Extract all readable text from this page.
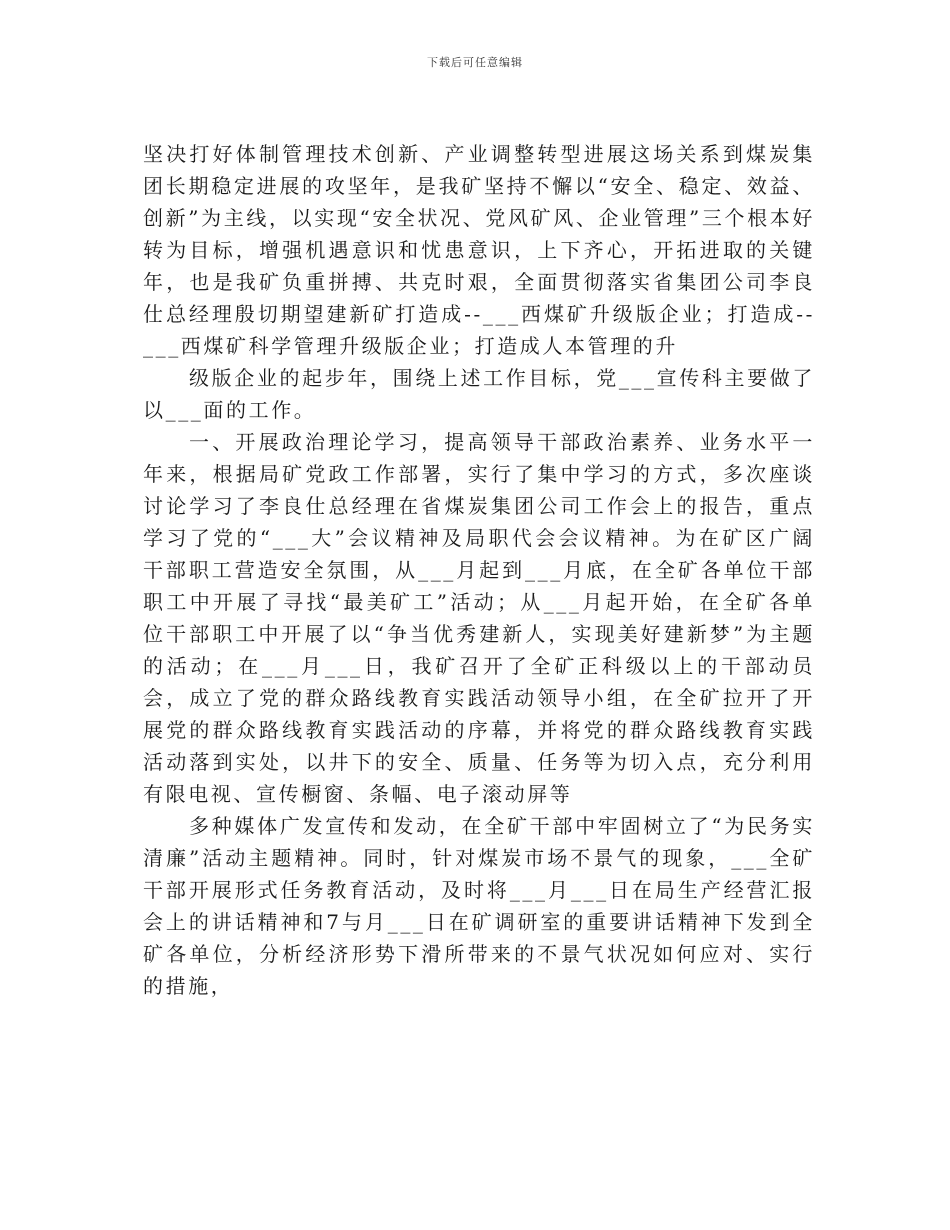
下载后可任意编辑

坚决打好体制管理技术创新、产业调整转型进展这场关系到煤炭集团长期稳定进展的攻坚年，是我矿坚持不懈以“安全、稳定、效益、创新”为主线，以实现“安全状况、党风矿风、企业管理”三个根本好转为目标，增强机遇意识和忧患意识，上下齐心，开拓进取的关键年，也是我矿负重拼搏、共克时艰，全面贯彻落实省集团公司李良仕总经理殷切期望建新矿打造成--___西煤矿升级版企业；打造成--___西煤矿科学管理升级版企业；打造成人本管理的升

级版企业的起步年，围绕上述工作目标，党___宣传科主要做了以___面的工作。

一、开展政治理论学习，提高领导干部政治素养、业务水平一年来，根据局矿党政工作部署，实行了集中学习的方式，多次座谈讨论学习了李良仕总经理在省煤炭集团公司工作会上的报告，重点学习了党的“___大”会议精神及局职代会会议精神。为在矿区广阔干部职工营造安全氛围，从___月起到___月底，在全矿各单位干部职工中开展了寻找“最美矿工”活动；从___月起开始，在全矿各单位干部职工中开展了以“争当优秀建新人，实现美好建新梦”为主题的活动；在___月___日，我矿召开了全矿正科级以上的干部动员会，成立了党的群众路线教育实践活动领导小组，在全矿拉开了开展党的群众路线教育实践活动的序幕，并将党的群众路线教育实践活动落到实处，以井下的安全、质量、任务等为切入点，充分利用有限电视、宣传橱窗、条幅、电子滚动屏等

多种媒体广发宣传和发动，在全矿干部中牢固树立了“为民务实清廉”活动主题精神。同时，针对煤炭市场不景气的现象，___全矿干部开展形式任务教育活动，及时将___月___日在局生产经营汇报会上的讲话精神和7与月___日在矿调研室的重要讲话精神下发到全矿各单位，分析经济形势下滑所带来的不景气状况如何应对、实行的措施，
